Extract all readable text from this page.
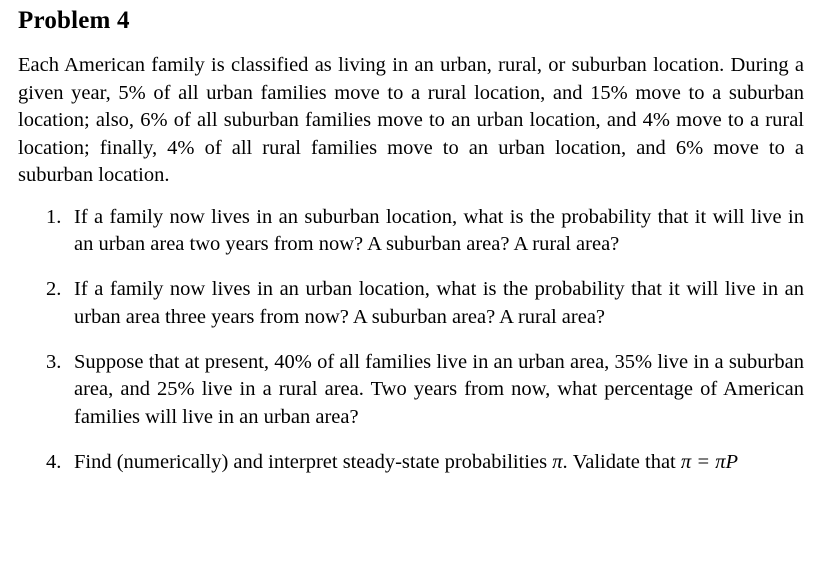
Problem 4

Each American family is classified as living in an urban, rural, or suburban location. During a given year, 5% of all urban families move to a rural location, and 15% move to a suburban location; also, 6% of all suburban families move to an urban location, and 4% move to a rural location; finally, 4% of all rural families move to an urban location, and 6% move to a suburban location.

1. If a family now lives in an suburban location, what is the probability that it will live in an urban area two years from now? A suburban area? A rural area?
2. If a family now lives in an urban location, what is the probability that it will live in an urban area three years from now? A suburban area? A rural area?
3. Suppose that at present, 40% of all families live in an urban area, 35% live in a suburban area, and 25% live in a rural area. Two years from now, what percentage of American families will live in an urban area?
4. Find (numerically) and interpret steady-state probabilities π. Validate that π = πP
